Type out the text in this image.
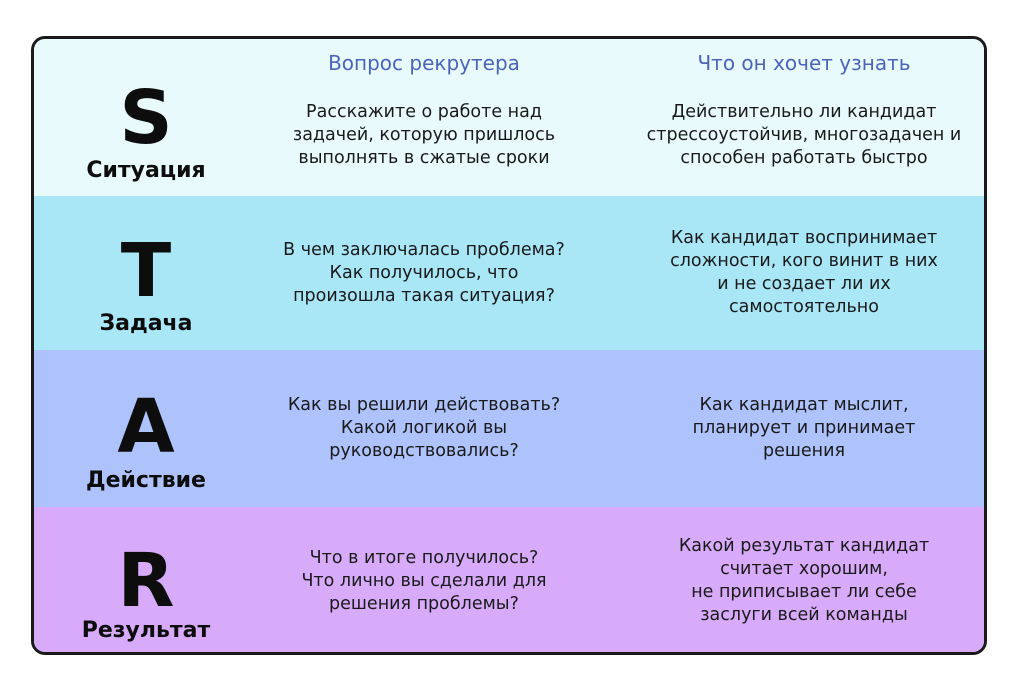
S
Ситуация
Вопрос рекрутера	Что он хочет узнать
Расскажите о работе над
задачей, которую пришлось
выполнять в сжатые сроки
Действительно ли кандидат
стрессоустойчив, многозадачен и
способен работать быстро
T
Задача
В чем заключалась проблема?
Как получилось, что
произошла такая ситуация?
Как кандидат воспринимает
сложности, кого винит в них
и не создает ли их
самостоятельно
A
Действие
Как вы решили действовать?
Какой логикой вы
руководствовались?
Как кандидат мыслит,
планирует и принимает
решения
R
Результат
Что в итоге получилось?
Что лично вы сделали для
решения проблемы?
Какой результат кандидат
считает хорошим,
не приписывает ли себе
заслуги всей команды
